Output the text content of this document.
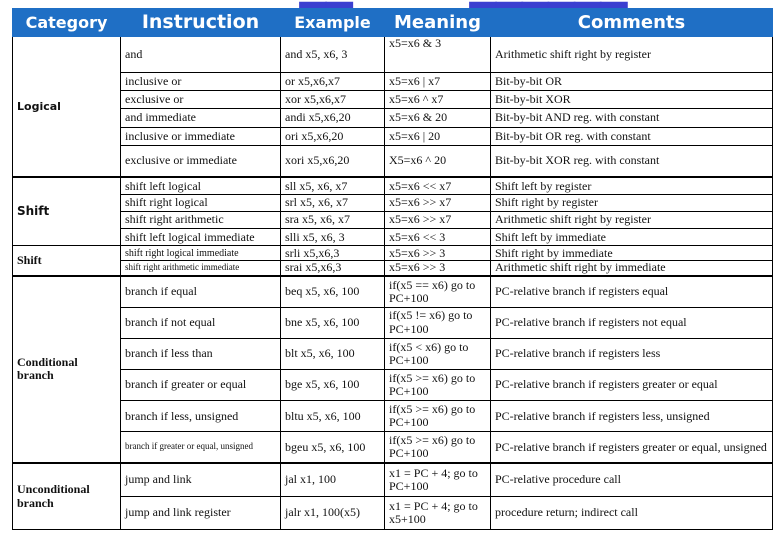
Category	Instruction	Example	Meaning	Comments
Logical	and	and x5, x6, 3	x5=x6 & 3	Arithmetic shift right by register
	inclusive or	or x5,x6,x7	x5=x6 | x7	Bit-by-bit OR
	exclusive or	xor x5,x6,x7	x5=x6 ^ x7	Bit-by-bit XOR
	and immediate	andi x5,x6,20	x5=x6 & 20	Bit-by-bit AND reg. with constant
	inclusive or immediate	ori x5,x6,20	x5=x6 | 20	Bit-by-bit OR reg. with constant
	exclusive or immediate	xori x5,x6,20	X5=x6 ^ 20	Bit-by-bit XOR reg. with constant
Shift	shift left logical	sll x5, x6, x7	x5=x6 << x7	Shift left by register
	shift right logical	srl x5, x6, x7	x5=x6 >> x7	Shift right by register
	shift right arithmetic	sra x5, x6, x7	x5=x6 >> x7	Arithmetic shift right by register
	shift left logical immediate	slli x5, x6, 3	x5=x6 << 3	Shift left by immediate
Shift	shift right logical immediate	srli x5,x6,3	x5=x6 >> 3	Shift right by immediate
	shift right arithmetic immediate	srai x5,x6,3	x5=x6 >> 3	Arithmetic shift right by immediate
Conditional branch	branch if equal	beq x5, x6, 100	if(x5 == x6) go to PC+100	PC-relative branch if registers equal
	branch if not equal	bne x5, x6, 100	if(x5 != x6) go to PC+100	PC-relative branch if registers not equal
	branch if less than	blt x5, x6, 100	if(x5 < x6) go to PC+100	PC-relative branch if registers less
	branch if greater or equal	bge x5, x6, 100	if(x5 >= x6) go to PC+100	PC-relative branch if registers greater or equal
	branch if less, unsigned	bltu x5, x6, 100	if(x5 >= x6) go to PC+100	PC-relative branch if registers less, unsigned
	branch if greater or equal, unsigned	bgeu x5, x6, 100	if(x5 >= x6) go to PC+100	PC-relative branch if registers greater or equal, unsigned
Unconditional branch	jump and link	jal x1, 100	x1 = PC + 4; go to PC+100	PC-relative procedure call
	jump and link register	jalr x1, 100(x5)	x1 = PC + 4; go to x5+100	procedure return; indirect call
